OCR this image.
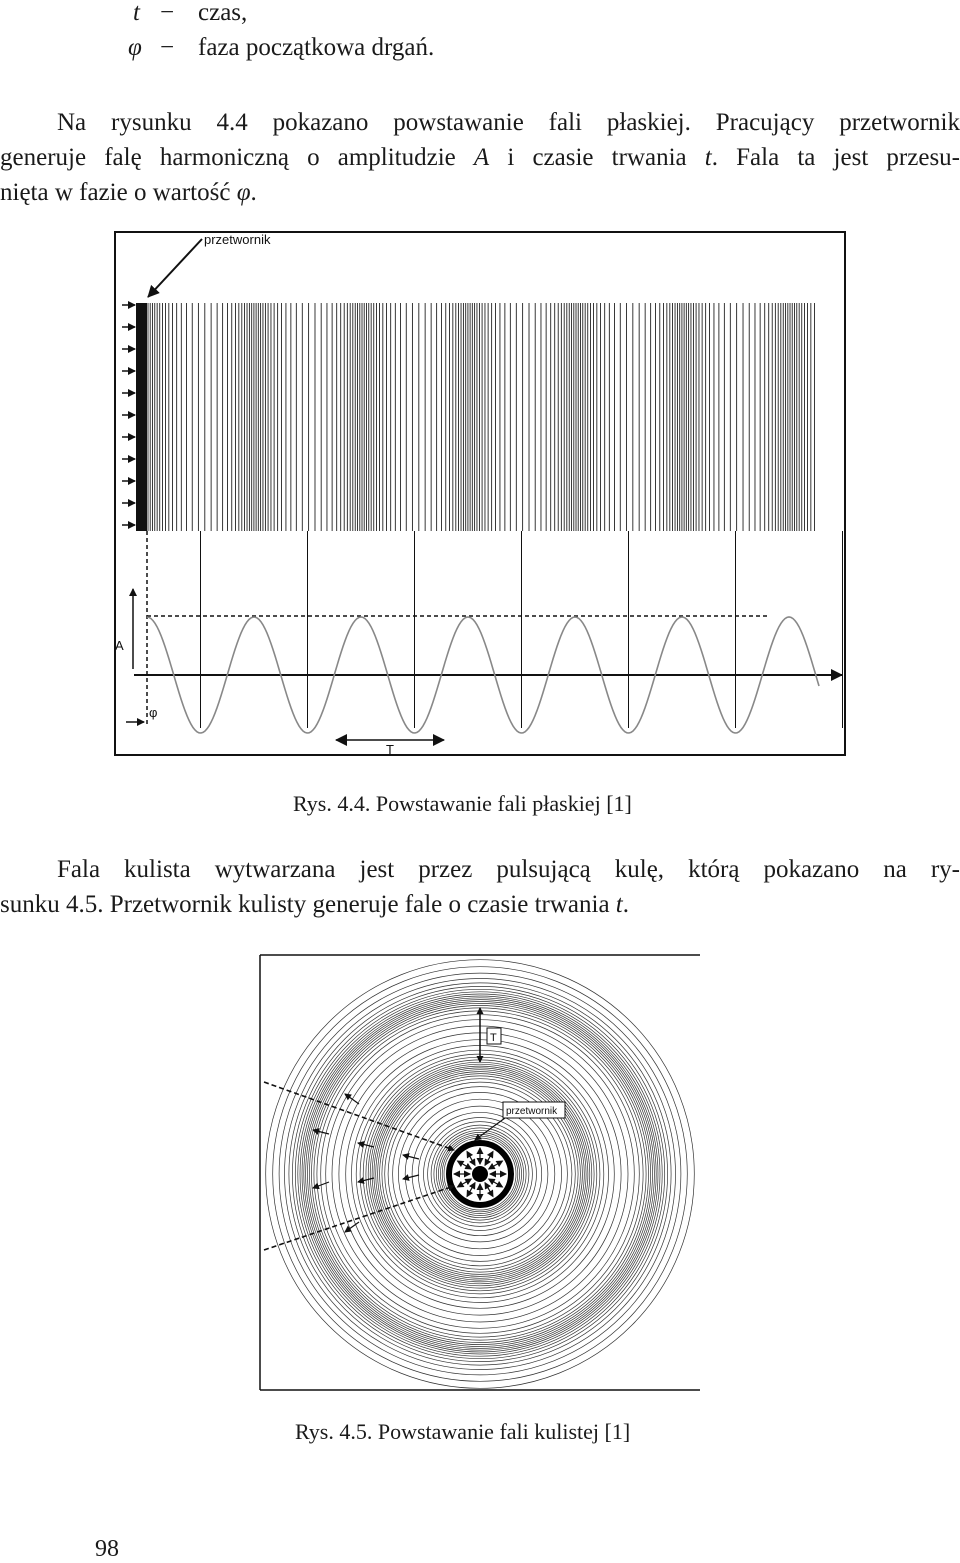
t − czas,
φ − faza początkowa drgań.
Na rysunku 4.4 pokazano powstawanie fali płaskiej. Pracujący przetwornik
generuje falę harmoniczną o amplitudzie A i czasie trwania t. Fala ta jest przesu-
nięta w fazie o wartość φ.
przetwornik
A
φ
T
Rys. 4.4. Powstawanie fali płaskiej [1]
Fala kulista wytwarzana jest przez pulsującą kulę, którą pokazano na ry-
sunku 4.5. Przetwornik kulisty generuje fale o czasie trwania t.
T
przetwornik
Rys. 4.5. Powstawanie fali kulistej [1]
98
